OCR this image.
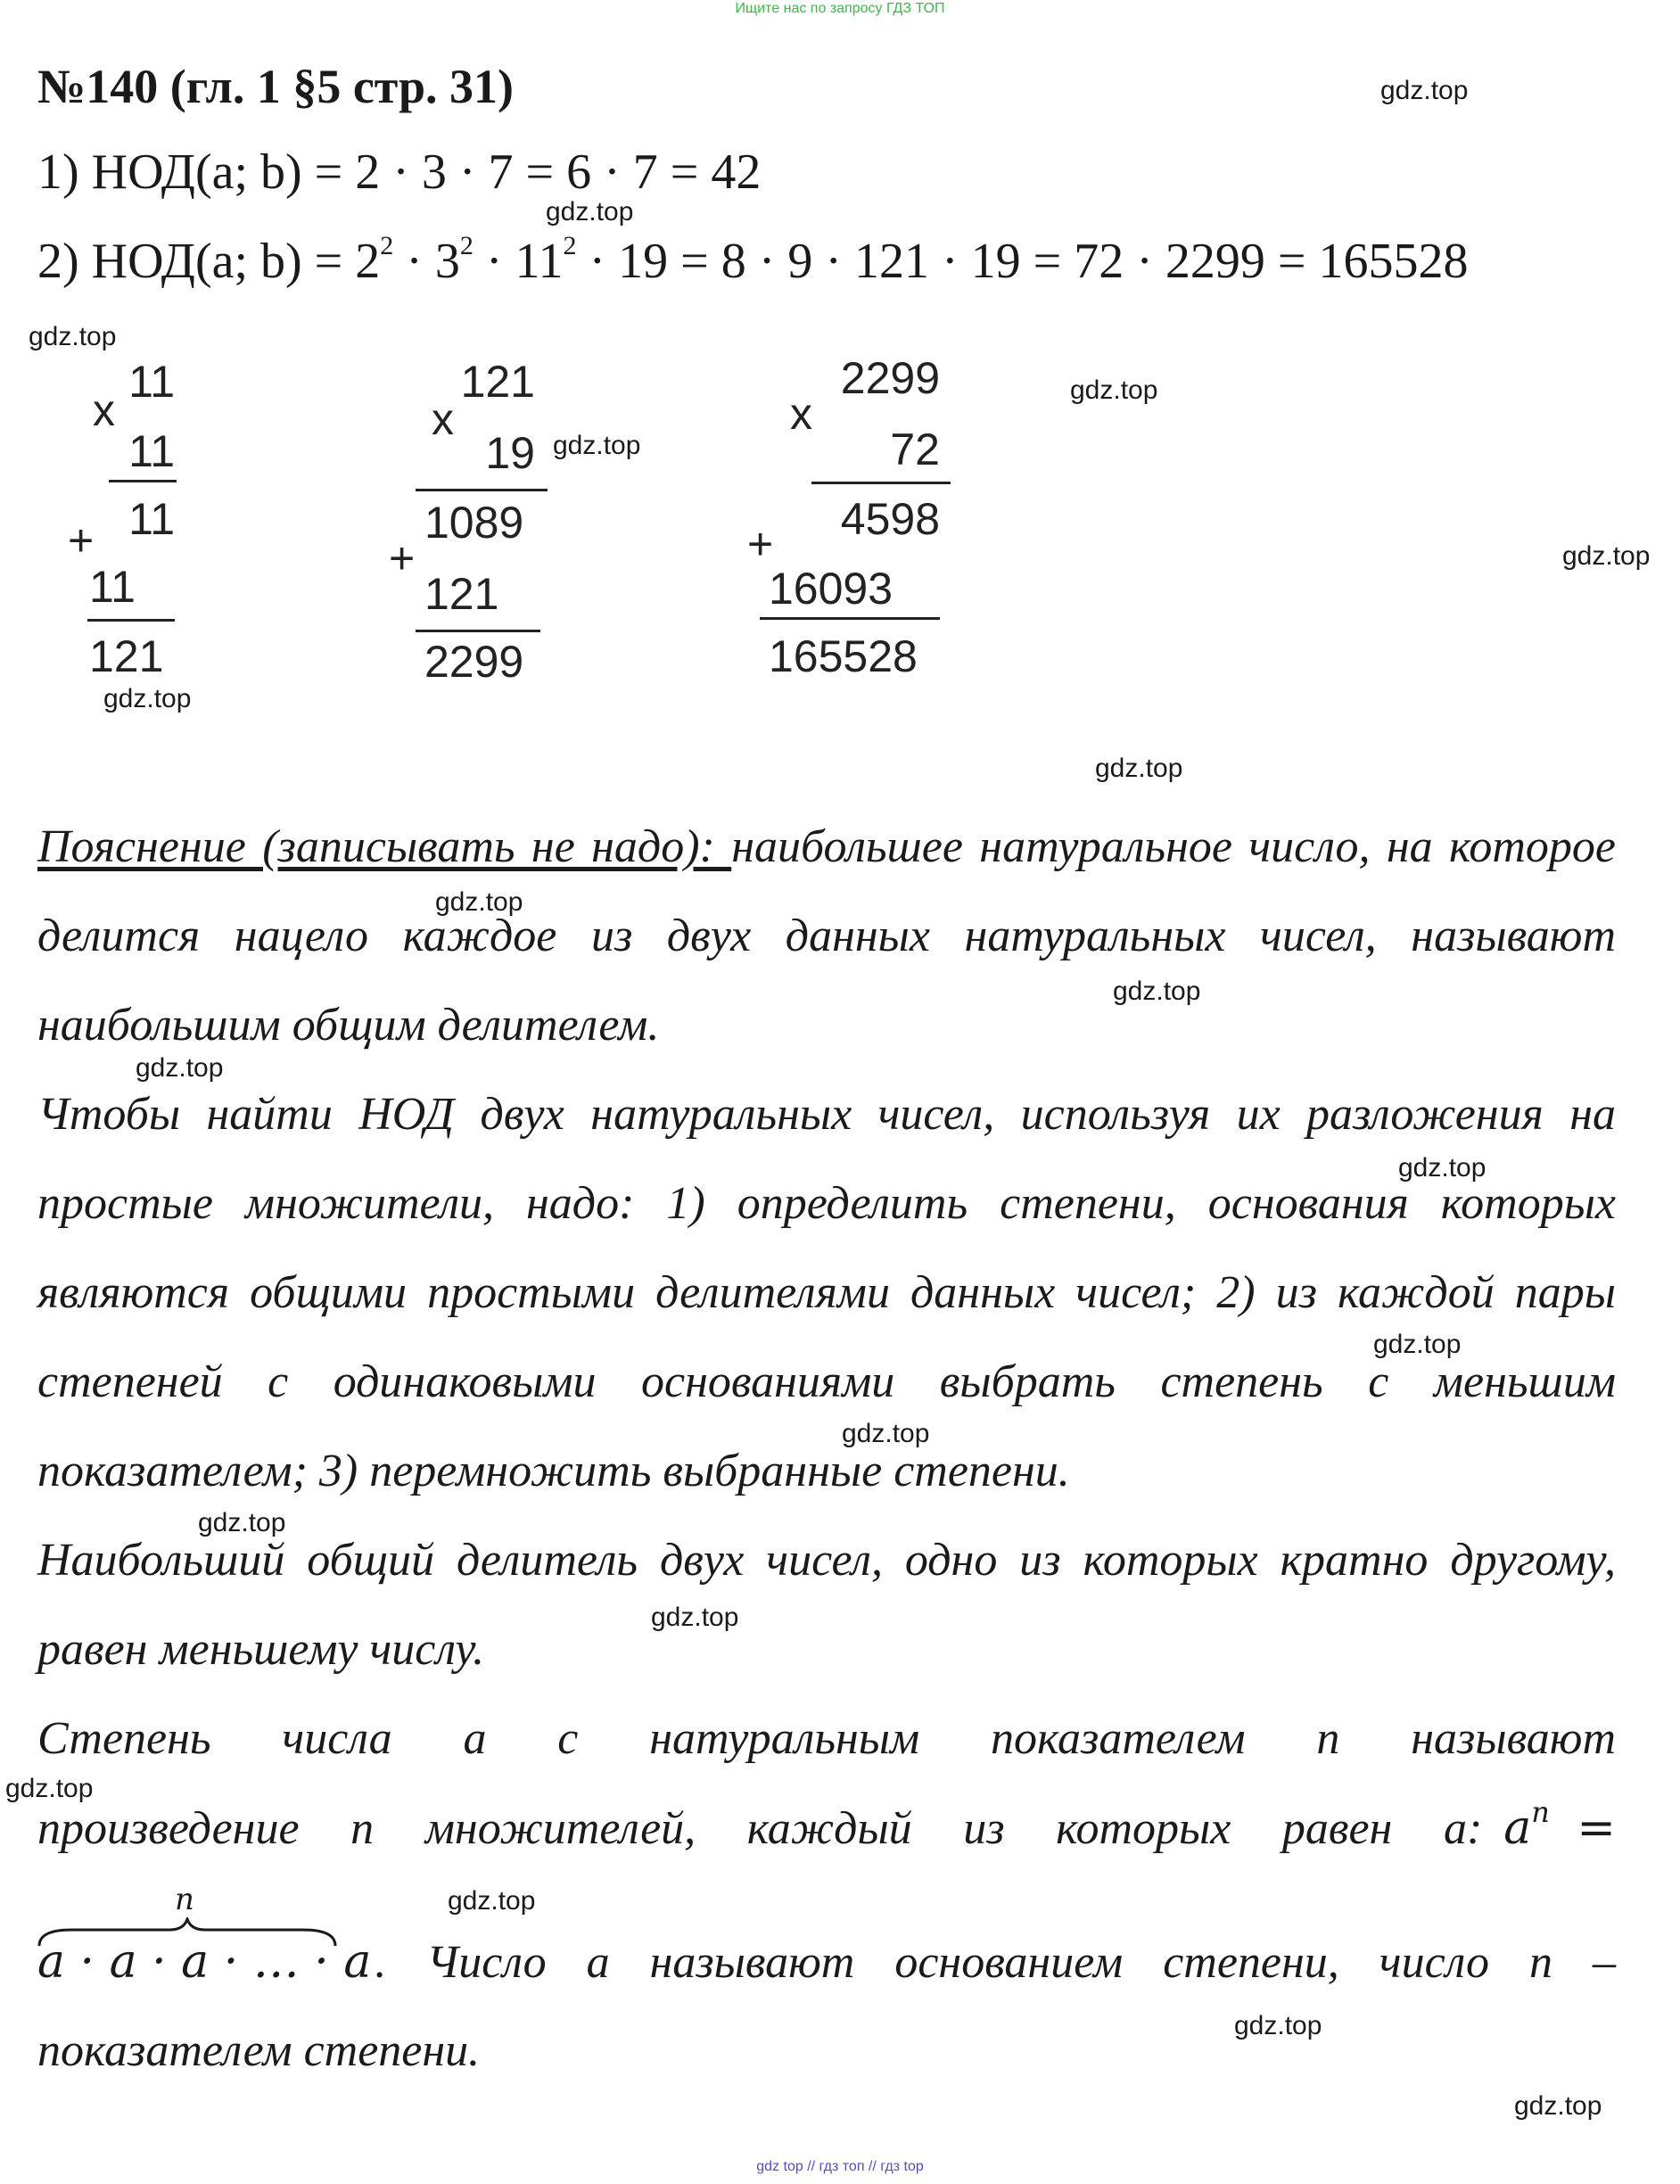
Ищите нас по запросу ГДЗ ТОП
№140 (гл. 1 §5 стр. 31)	gdz.top
1) НОД(a; b) = 2 · 3 · 7 = 6 · 7 = 42
gdz.top
2) НОД(a; $b) = 2^2 \cdot 3^2 \cdot 11^2 \cdot 19 = 8 \cdot 9 \cdot 121 \cdot 19 = 72 \cdot 2299 = 165528$
gdz.top
x
11
11
11
+
11
121
gdz.top
x
121
19
1089
+
121
2299
gdz.top
x
2299
72
4598
+
16093
165528
gdz.top
gdz.top
gdz.top
Пояснение (записывать не надо): наибольшее натуральное число, на которое делится нацело каждое из двух данных натуральных чисел, называют наибольшим общим делителем.
gdz.top
gdz.top
gdz.top
Чтобы найти НОД двух натуральных чисел, используя их разложения на простые множители, надо: 1) определить степени, основания которых являются общими простыми делителями данных чисел; 2) из каждой пары степеней с одинаковыми основаниями выбрать степень с меньшим показателем; 3) перемножить выбранные степени.
gdz.top
gdz.top
gdz.top
gdz.top
Наибольший общий делитель двух чисел, одно из которых кратно другому, равен меньшему числу.
gdz.top
Степень числа a с натуральным показателем n называют
gdz.top
произведение n множителей, каждый из которых равен a: $a^n$ =
gdz.top
n
a · a · a · … · a . Число a называют основанием степени, число n –
gdz.top
показателем степени.
gdz.top
gdz top // гдз топ // гдз top
